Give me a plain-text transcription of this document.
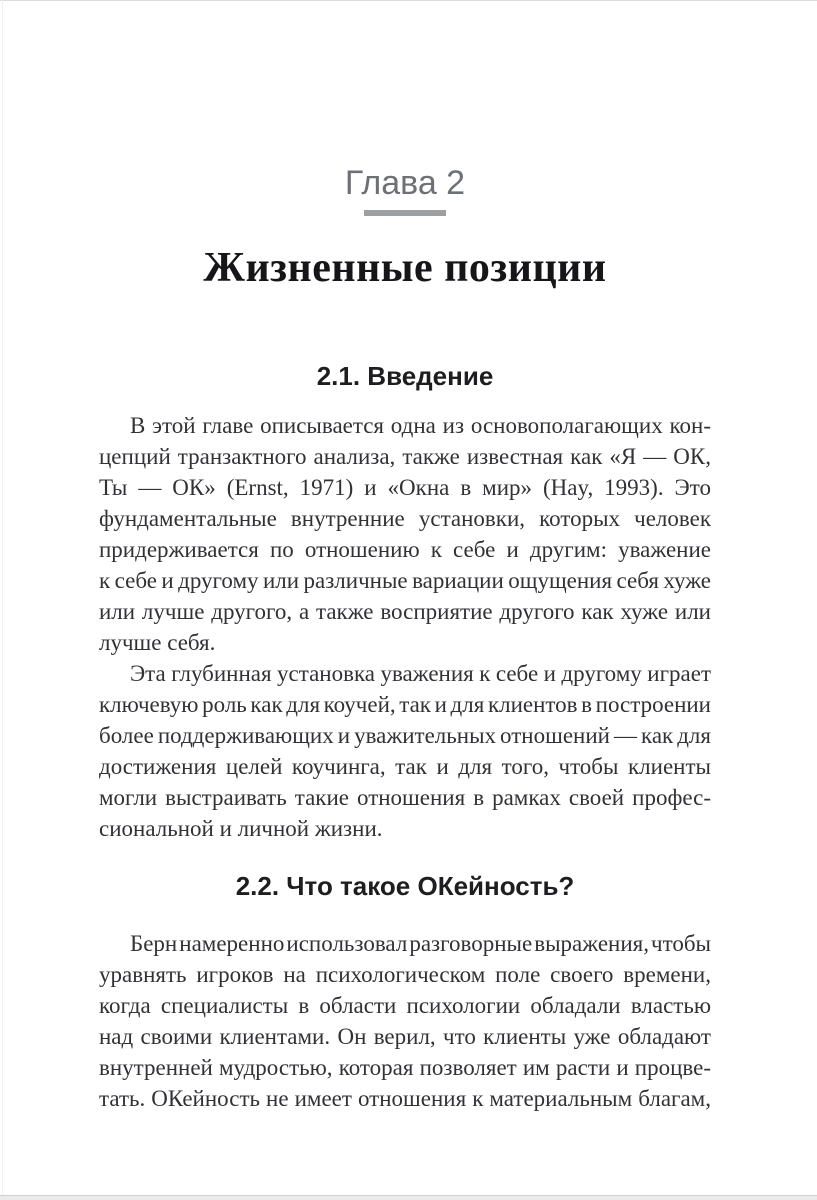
Глава 2
Жизненные позиции
2.1. Введение
В этой главе описывается одна из основополагающих кон-
цепций транзактного анализа, также известная как «Я — ОК,
Ты — ОК» (Ernst, 1971) и «Окна в мир» (Hay, 1993). Это
фундаментальные внутренние установки, которых человек
придерживается по отношению к себе и другим: уважение
к себе и другому или различные вариации ощущения себя хуже
или лучше другого, а также восприятие другого как хуже или
лучше себя.
Эта глубинная установка уважения к себе и другому играет
ключевую роль как для коучей, так и для клиентов в построении
более поддерживающих и уважительных отношений — как для
достижения целей коучинга, так и для того, чтобы клиенты
могли выстраивать такие отношения в рамках своей профес-
сиональной и личной жизни.
2.2. Что такое ОКейность?
Берн намеренно использовал разговорные выражения, чтобы
уравнять игроков на психологическом поле своего времени,
когда специалисты в области психологии обладали властью
над своими клиентами. Он верил, что клиенты уже обладают
внутренней мудростью, которая позволяет им расти и процве-
тать. ОКейность не имеет отношения к материальным благам,
